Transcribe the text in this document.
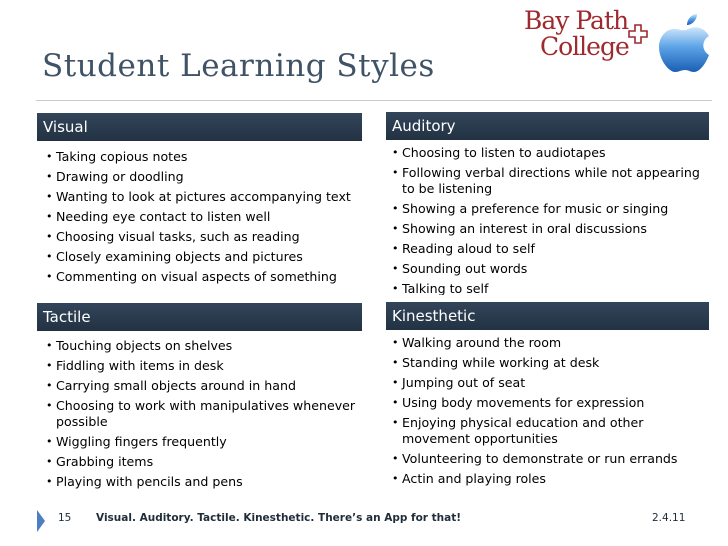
Student Learning Styles
Bay Path
College
Visual
• Taking copious notes
• Drawing or doodling
• Wanting to look at pictures accompanying text
• Needing eye contact to listen well
• Choosing visual tasks, such as reading
• Closely examining objects and pictures
• Commenting on visual aspects of something
Auditory
• Choosing to listen to audiotapes
• Following verbal directions while not appearing to be listening
• Showing a preference for music or singing
• Showing an interest in oral discussions
• Reading aloud to self
• Sounding out words
• Talking to self
Tactile
• Touching objects on shelves
• Fiddling with items in desk
• Carrying small objects around in hand
• Choosing to work with manipulatives whenever possible
• Wiggling fingers frequently
• Grabbing items
• Playing with pencils and pens
Kinesthetic
• Walking around the room
• Standing while working at desk
• Jumping out of seat
• Using body movements for expression
• Enjoying physical education and other movement opportunities
• Volunteering to demonstrate or run errands
• Actin and playing roles
15 Visual. Auditory. Tactile. Kinesthetic. There’s an App for that!	2.4.11
